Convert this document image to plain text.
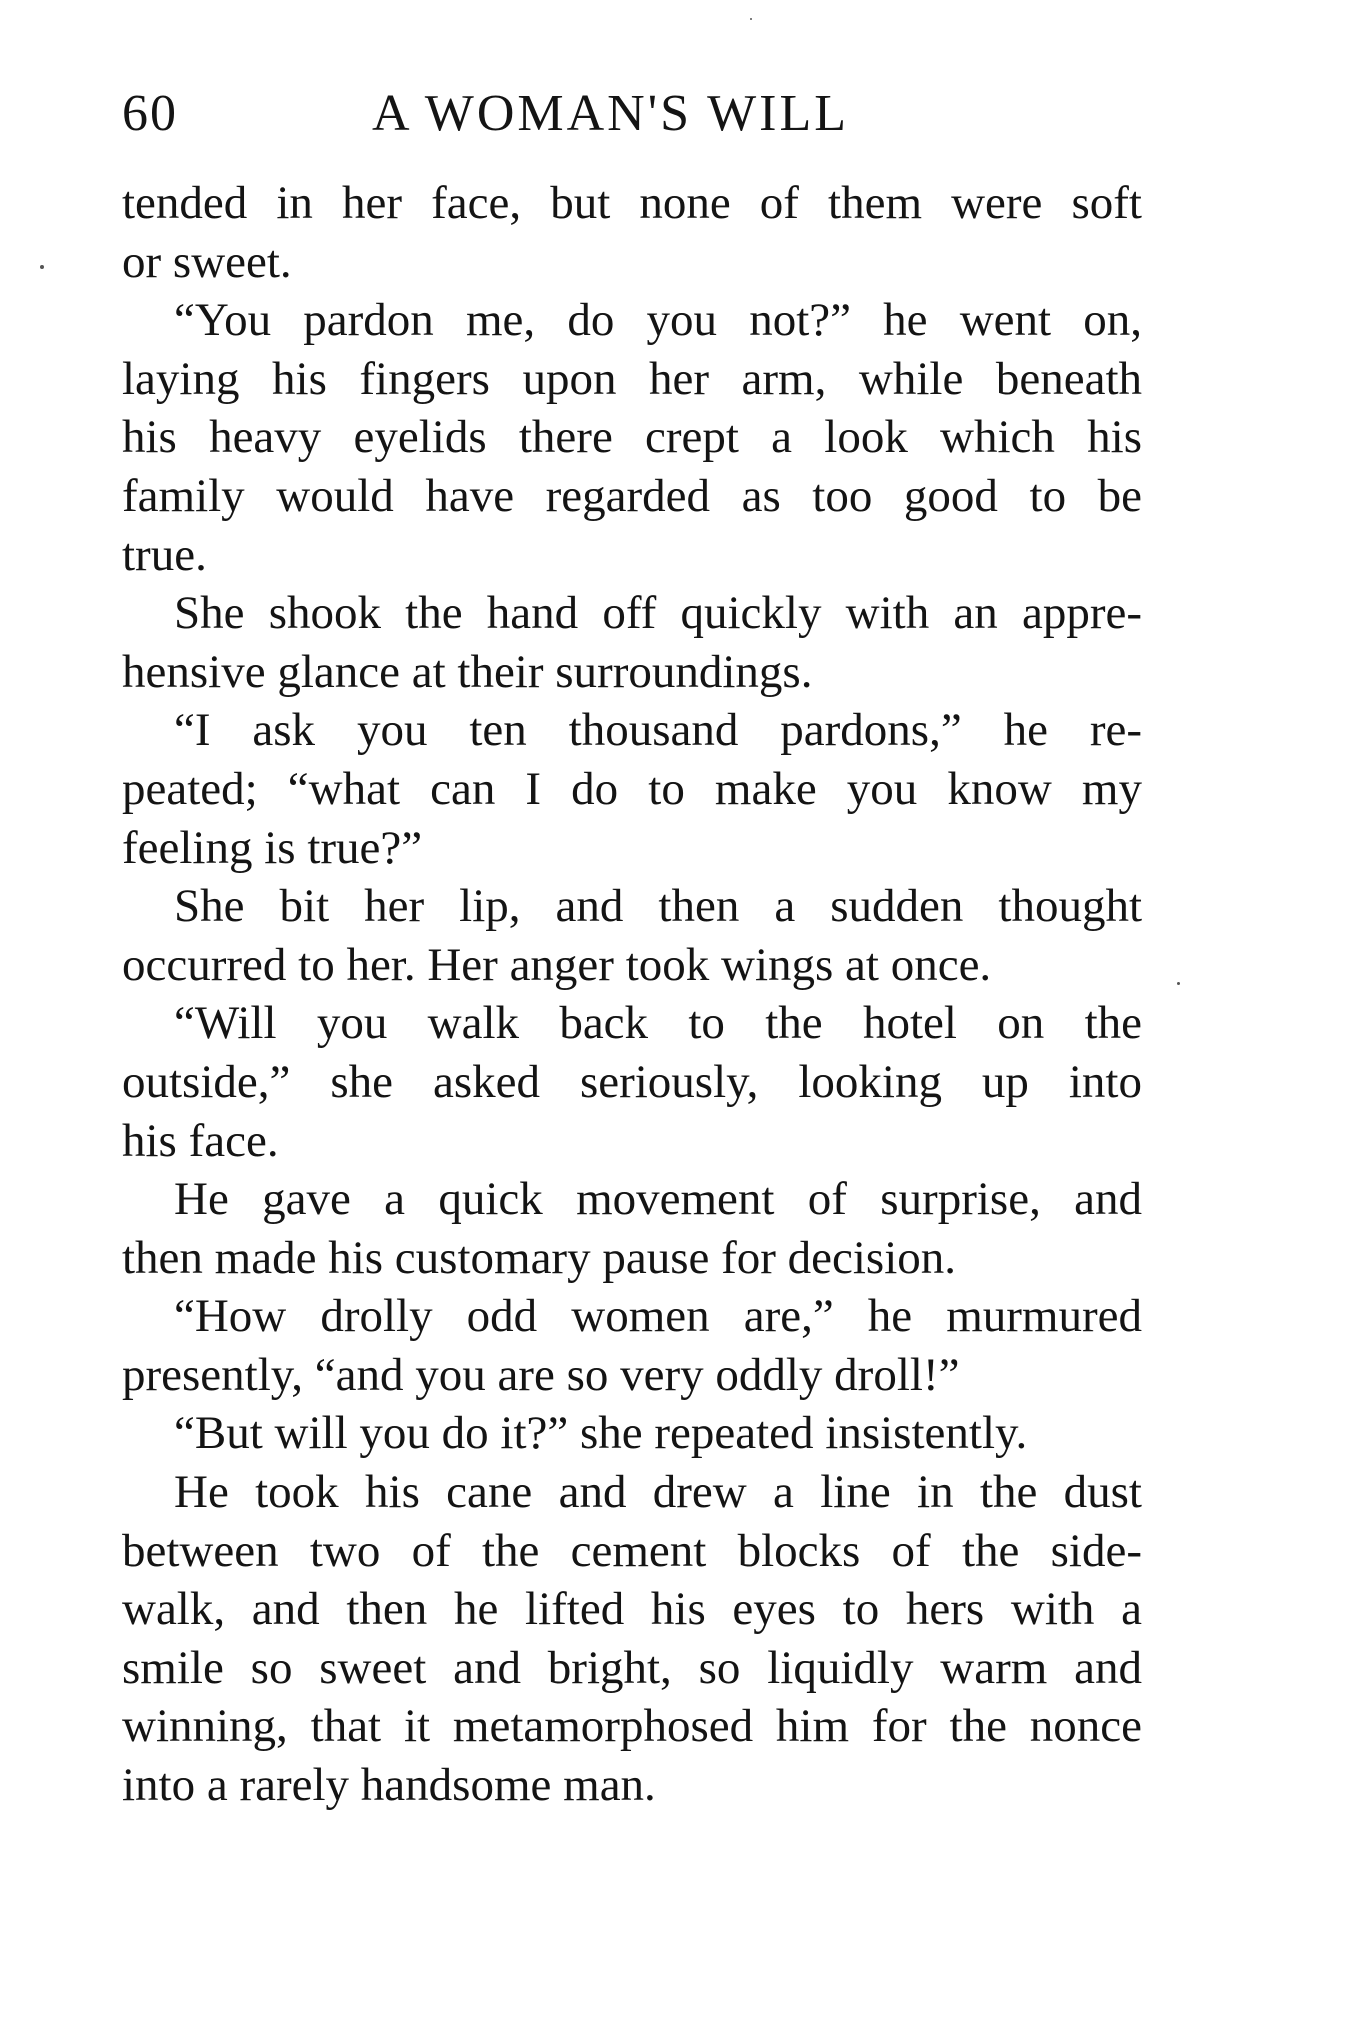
60	A WOMAN'S WILL
tended in her face, but none of them were soft
or sweet.
“You pardon me, do you not?” he went on,
laying his fingers upon her arm, while beneath
his heavy eyelids there crept a look which his
family would have regarded as too good to be
true.
She shook the hand off quickly with an appre-
hensive glance at their surroundings.
“I ask you ten thousand pardons,” he re-
peated; “what can I do to make you know my
feeling is true?”
She bit her lip, and then a sudden thought
occurred to her. Her anger took wings at once.
“Will you walk back to the hotel on the
outside,” she asked seriously, looking up into
his face.
He gave a quick movement of surprise, and
then made his customary pause for decision.
“How drolly odd women are,” he murmured
presently, “and you are so very oddly droll!”
“But will you do it?” she repeated insistently.
He took his cane and drew a line in the dust
between two of the cement blocks of the side-
walk, and then he lifted his eyes to hers with a
smile so sweet and bright, so liquidly warm and
winning, that it metamorphosed him for the nonce
into a rarely handsome man.
